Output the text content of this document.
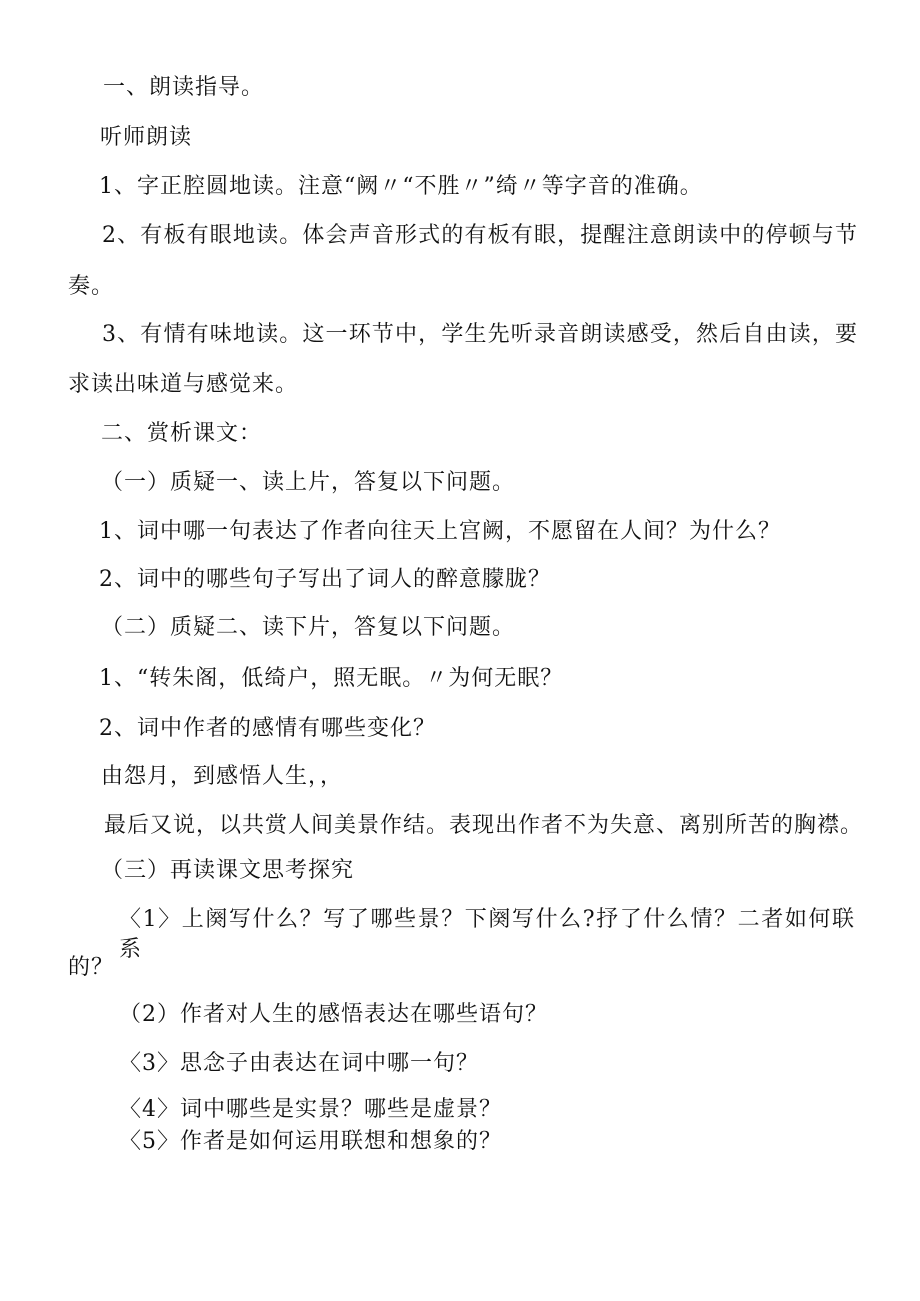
一、朗读指导。
听师朗读
1、字正腔圆地读。注意“阙〃“不胜〃”绮〃等字音的准确。
2、有板有眼地读。体会声音形式的有板有眼，提醒注意朗读中的停顿与节
奏。
3、有情有味地读。这一环节中，学生先听录音朗读感受，然后自由读，要
求读出味道与感觉来。
二、赏析课文：
（一）质疑一、读上片，答复以下问题。
1、词中哪一句表达了作者向往天上宫阙，不愿留在人间？为什么？
2、词中的哪些句子写出了词人的醉意朦胧？
（二）质疑二、读下片，答复以下问题。
1、“转朱阁，低绮户，照无眠。〃为何无眠？
2、词中作者的感情有哪些变化？
由怨月，到感悟人生，，
最后又说，以共赏人间美景作结。表现出作者不为失意、离别所苦的胸襟。
（三）再读课文思考探究
〈1〉上阕写什么？写了哪些景？下阕写什么?抒了什么情？二者如何联系
的？
（2）作者对人生的感悟表达在哪些语句？
〈3〉思念子由表达在词中哪一句？
〈4〉词中哪些是实景？哪些是虚景？
〈5〉作者是如何运用联想和想象的？
